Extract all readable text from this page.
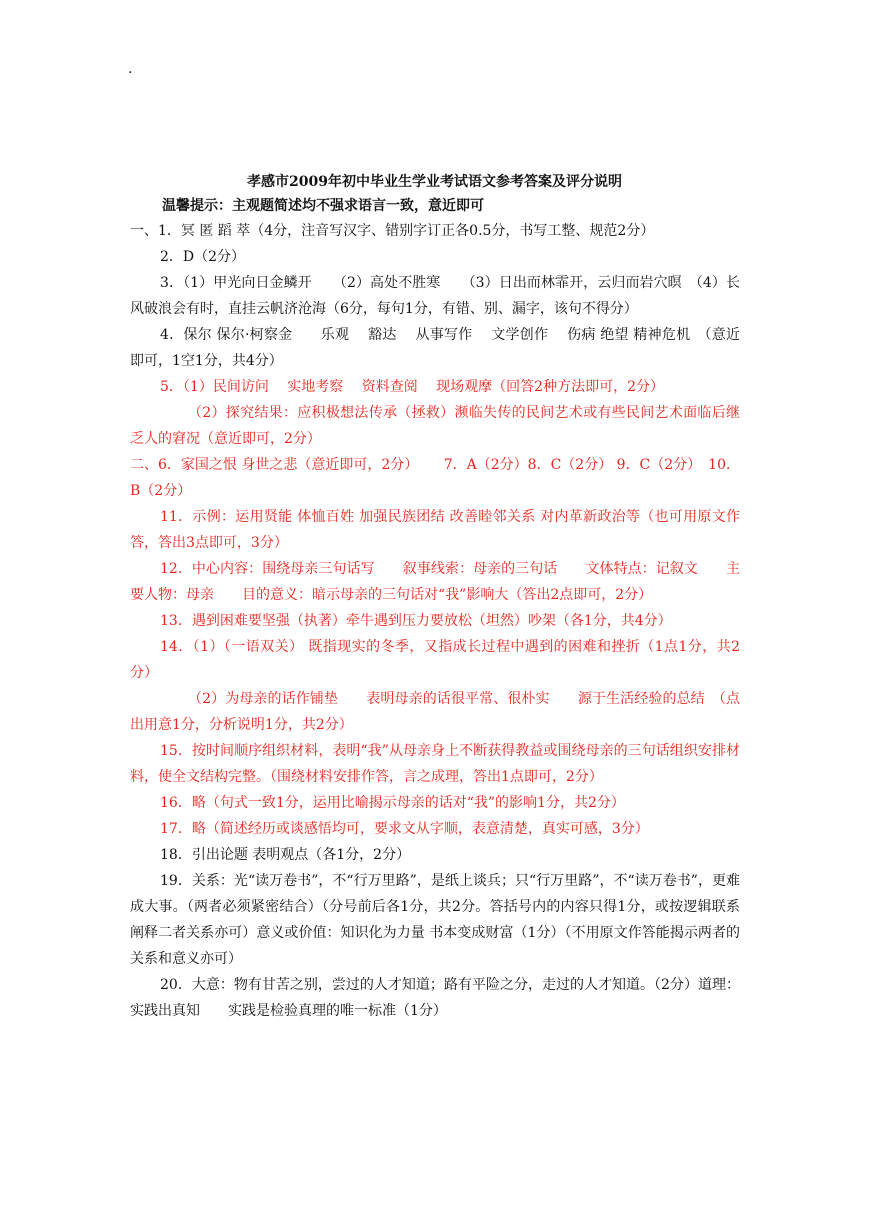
.
孝感市2009年初中毕业生学业考试语文参考答案及评分说明
温馨提示：主观题简述均不强求语言一致，意近即可

一、1．冥 匿 蹈 萃（4分，注音写汉字、错别字订正各0.5分，书写工整、规范2分）

2．D（2分）

3．（1）甲光向日金鳞开　　（2）高处不胜寒　　（3）日出而林霏开，云归而岩穴暝　（4）长风破浪会有时，直挂云帆济沧海（6分，每句1分，有错、别、漏字，该句不得分）

4．保尔 保尔·柯察金　　乐观　 豁达　 从事写作　 文学创作　 伤病 绝望 精神危机　（意近即可，1空1分，共4分）

5．（1）民间访问　 实地考察　 资料查阅　 现场观摩（回答2种方法即可，2分）

（2）探究结果：应积极想法传承（拯救）濒临失传的民间艺术或有些民间艺术面临后继乏人的窘况（意近即可，2分）

二、6．家国之恨 身世之悲（意近即可，2分）　　 7．A（2分）8．C（2分） 9．C（2分）　10．B（2分）

11．示例：运用贤能 体恤百姓 加强民族团结 改善睦邻关系 对内革新政治等（也可用原文作答，答出3点即可，3分）

12．中心内容：围绕母亲三句话写　　叙事线索：母亲的三句话　　文体特点：记叙文　　主要人物：母亲　　目的意义：暗示母亲的三句话对“我”影响大（答出2点即可，2分）

13．遇到困难要坚强（执著）牵牛遇到压力要放松（坦然）吵架（各1分，共4分）

14．（1）（一语双关） 既指现实的冬季，又指成长过程中遇到的困难和挫折（1点1分，共2分）

（2）为母亲的话作铺垫　　表明母亲的话很平常、很朴实　　源于生活经验的总结　（点出用意1分，分析说明1分，共2分）

15．按时间顺序组织材料，表明“我”从母亲身上不断获得教益或围绕母亲的三句话组织安排材料，使全文结构完整。（围绕材料安排作答，言之成理，答出1点即可，2分）

16．略（句式一致1分，运用比喻揭示母亲的话对“我”的影响1分，共2分）

17．略（简述经历或谈感悟均可，要求文从字顺，表意清楚，真实可感，3分）

18．引出论题 表明观点（各1分，2分）

19．关系：光“读万卷书”，不“行万里路”，是纸上谈兵；只“行万里路”，不“读万卷书”，更难成大事。（两者必须紧密结合）（分号前后各1分，共2分。答括号内的内容只得1分，或按逻辑联系阐释二者关系亦可）意义或价值：知识化为力量 书本变成财富（1分）（不用原文作答能揭示两者的关系和意义亦可）

20．大意：物有甘苦之别，尝过的人才知道；路有平险之分，走过的人才知道。（2分）道理：实践出真知　　实践是检验真理的唯一标准（1分）
